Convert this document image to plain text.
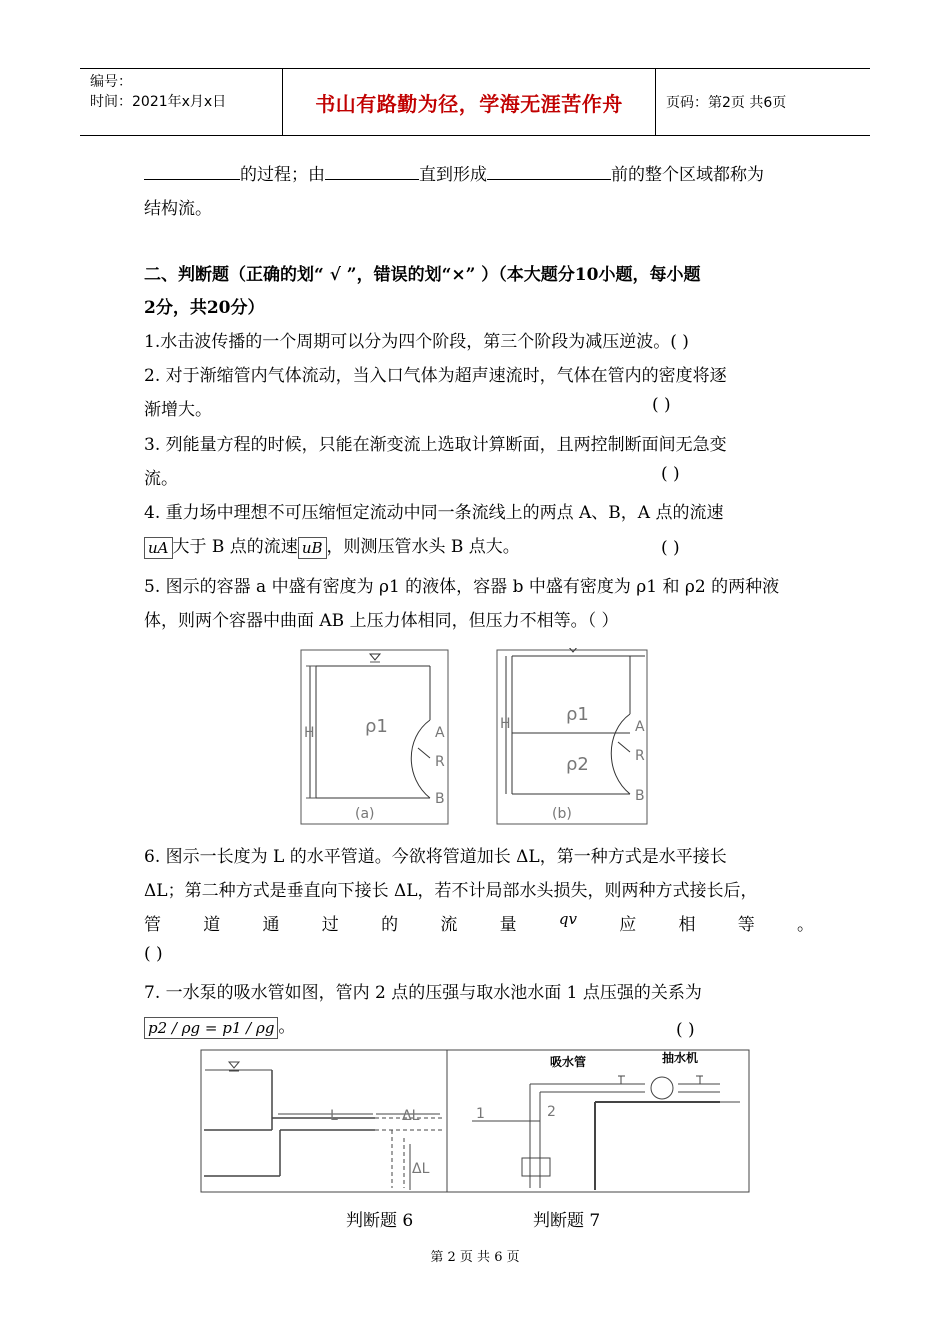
编号：
时间：2021年x月x日	书山有路勤为径，学海无涯苦作舟	页码：第2页 共6页
的过程；由	直到形成	前的整个区域都称为
结构流。
二、判断题（正确的划“ √ ”，错误的划“×” ）（本大题分10小题，每小题
2分，共20分）
1.水击波传播的一个周期可以分为四个阶段，第三个阶段为减压逆波。( )
2. 对于渐缩管内气体流动，当入口气体为超声速流时，气体在管内的密度将逐
渐增大。	( )
3. 列能量方程的时候，只能在渐变流上选取计算断面，且两控制断面间无急变
流。	( )
4. 重力场中理想不可压缩恒定流动中同一条流线上的两点 A、B，A 点的流速
uA 大于 B 点的流速 uB ，则测压管水头 B 点大。	( )
5. 图示的容器 a 中盛有密度为 ρ1 的液体，容器 b 中盛有密度为 ρ1 和 ρ2 的两种液
体，则两个容器中曲面 AB 上压力体相同，但压力不相等。（ ）
H	ρ1	A
R
B
(a)
H	ρ1
ρ2
A
R
B
(b)
6. 图示一长度为 L 的水平管道。今欲将管道加长 ΔL，第一种方式是水平接长
ΔL；第二种方式是垂直向下接长 ΔL，若不计局部水头损失，则两种方式接长后，
管 道 通 过 的 流 量	qv 应 相 等 。
( )
7. 一水泵的吸水管如图，管内 2 点的压强与取水池水面 1 点压强的关系为
p2 / ρg = p1 / ρg 。	( )
L	ΔL
ΔL
1	2
吸水管	抽水机
判断题 6	判断题 7
第 2 页 共 6 页
